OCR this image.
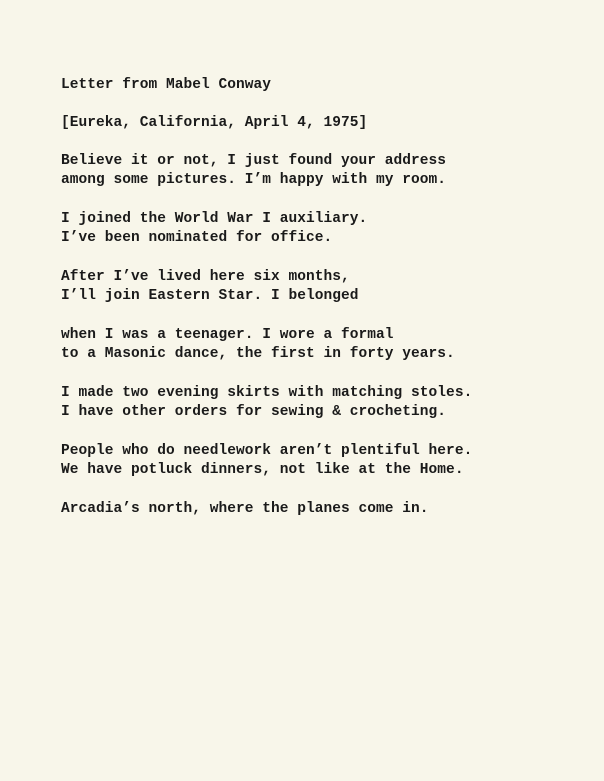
Letter from Mabel Conway
[Eureka, California, April 4, 1975]
Believe it or not, I just found your address
among some pictures. I’m happy with my room.
I joined the World War I auxiliary.
I’ve been nominated for office.
After I’ve lived here six months,
I’ll join Eastern Star. I belonged
when I was a teenager. I wore a formal
to a Masonic dance, the first in forty years.
I made two evening skirts with matching stoles.
I have other orders for sewing & crocheting.
People who do needlework aren’t plentiful here.
We have potluck dinners, not like at the Home.
Arcadia’s north, where the planes come in.
